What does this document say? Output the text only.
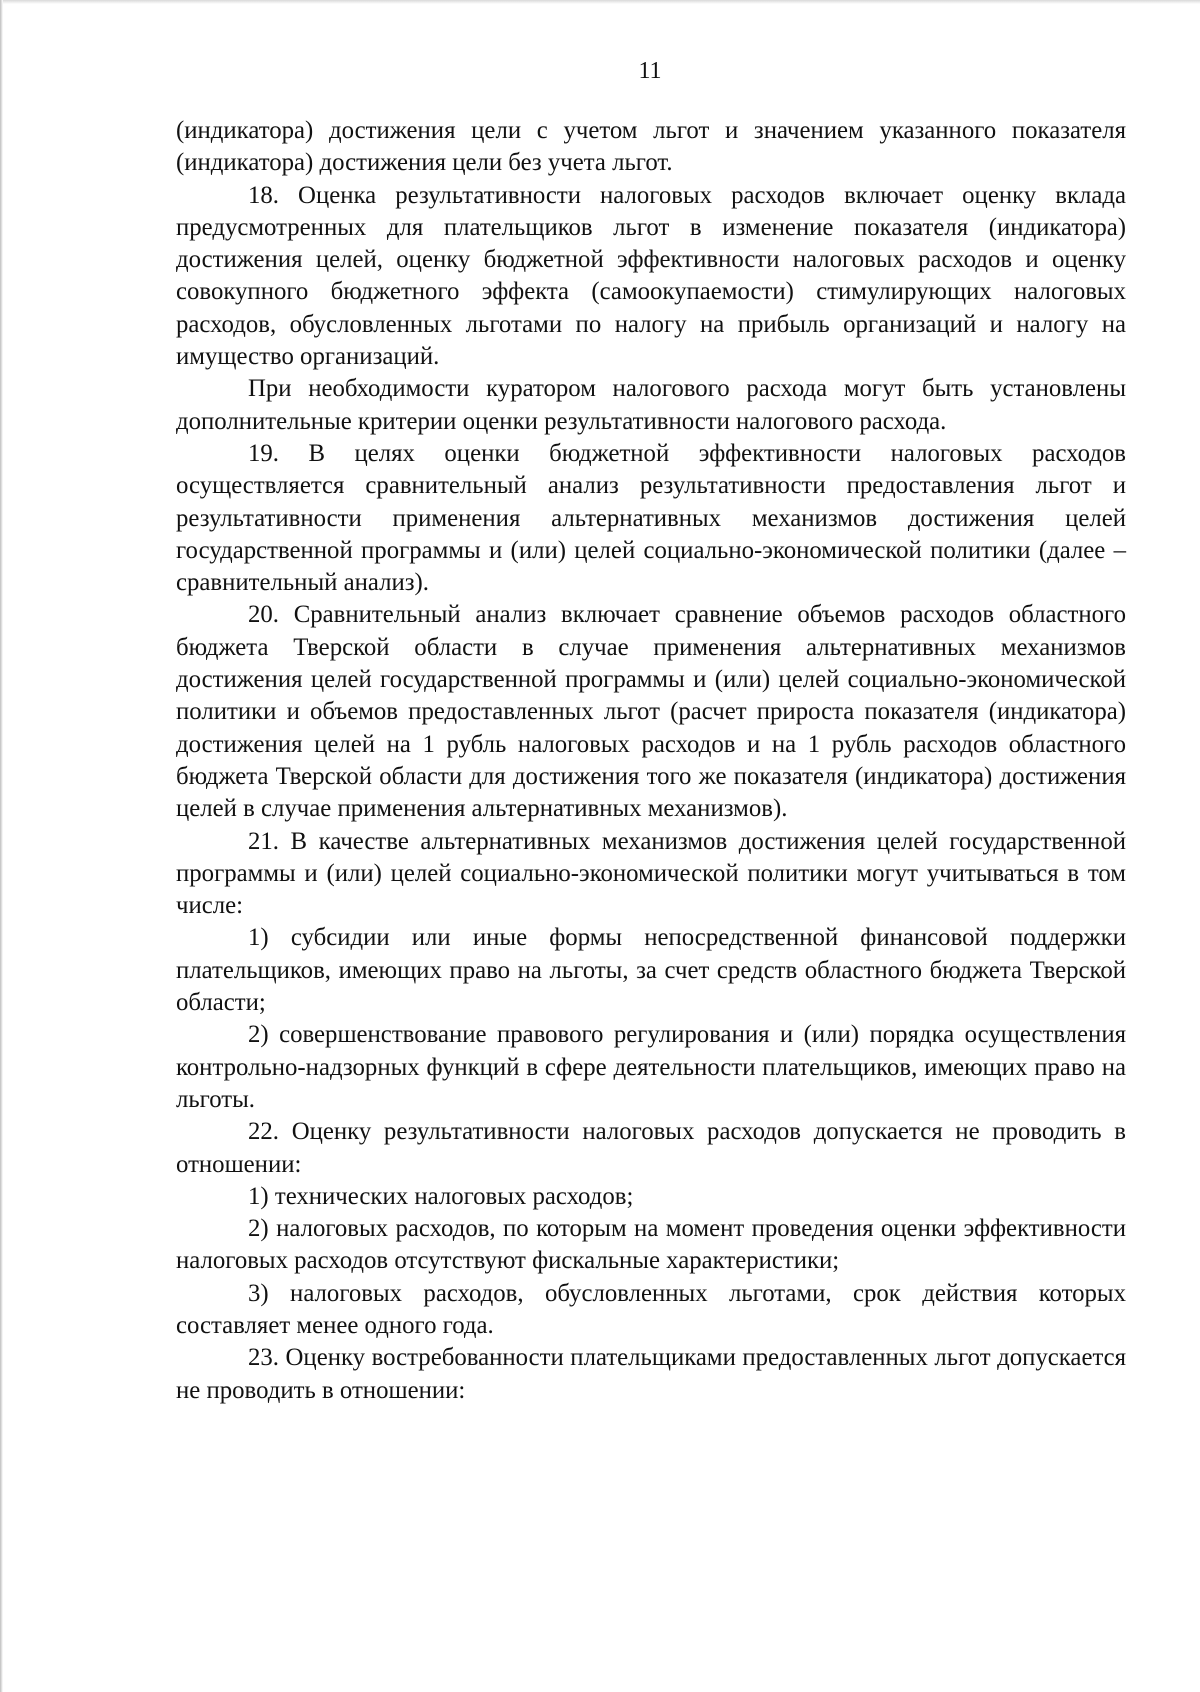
11

(индикатора) достижения цели с учетом льгот и значением указанного показателя (индикатора) достижения цели без учета льгот.

18. Оценка результативности налоговых расходов включает оценку вклада предусмотренных для плательщиков льгот в изменение показателя (индикатора) достижения целей, оценку бюджетной эффективности налоговых расходов и оценку совокупного бюджетного эффекта (самоокупаемости) стимулирующих налоговых расходов, обусловленных льготами по налогу на прибыль организаций и налогу на имущество организаций.

При необходимости куратором налогового расхода могут быть установлены дополнительные критерии оценки результативности налогового расхода.

19. В целях оценки бюджетной эффективности налоговых расходов осуществляется сравнительный анализ результативности предоставления льгот и результативности применения альтернативных механизмов достижения целей государственной программы и (или) целей социально-экономической политики (далее – сравнительный анализ).

20. Сравнительный анализ включает сравнение объемов расходов областного бюджета Тверской области в случае применения альтернативных механизмов достижения целей государственной программы и (или) целей социально-экономической политики и объемов предоставленных льгот (расчет прироста показателя (индикатора) достижения целей на 1 рубль налоговых расходов и на 1 рубль расходов областного бюджета Тверской области для достижения того же показателя (индикатора) достижения целей в случае применения альтернативных механизмов).

21. В качестве альтернативных механизмов достижения целей государственной программы и (или) целей социально-экономической политики могут учитываться в том числе:

1) субсидии или иные формы непосредственной финансовой поддержки плательщиков, имеющих право на льготы, за счет средств областного бюджета Тверской области;

2) совершенствование правового регулирования и (или) порядка осуществления контрольно-надзорных функций в сфере деятельности плательщиков, имеющих право на льготы.

22. Оценку результативности налоговых расходов допускается не проводить в отношении:

1) технических налоговых расходов;

2) налоговых расходов, по которым на момент проведения оценки эффективности налоговых расходов отсутствуют фискальные характеристики;

3) налоговых расходов, обусловленных льготами, срок действия которых составляет менее одного года.

23. Оценку востребованности плательщиками предоставленных льгот допускается не проводить в отношении:
